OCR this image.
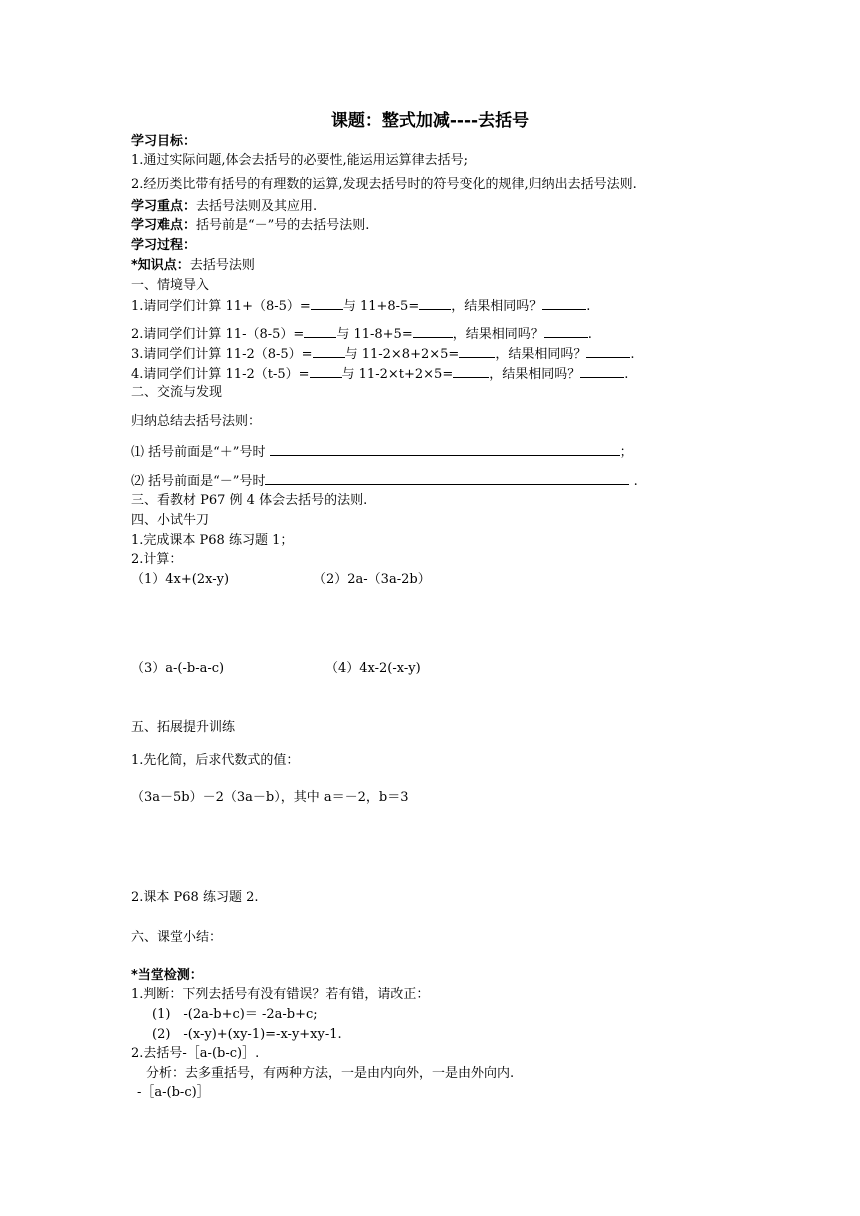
课题：整式加减----去括号
学习目标：
1.通过实际问题,体会去括号的必要性,能运用运算律去括号;
2.经历类比带有括号的有理数的运算,发现去括号时的符号变化的规律,归纳出去括号法则.
学习重点：去括号法则及其应用.
学习难点：括号前是“－”号的去括号法则.
学习过程：
*知识点：去括号法则
一、情境导入
1.请同学们计算 11+（8-5）= 与 11+8-5= ，结果相同吗？	.
2.请同学们计算 11-（8-5）= 与 11-8+5=	，结果相同吗？	.
3.请同学们计算 11-2（8-5）= 与 11-2×8+2×5=	，结果相同吗？	.
4.请同学们计算 11-2（t-5）= 与 11-2×t+2×5=	，结果相同吗？	.
二、交流与发现
归纳总结去括号法则：
⑴ 括号前面是“＋”号时	；
⑵ 括号前面是“－”号时	.
三、看教材 P67 例 4 体会去括号的法则.
四、小试牛刀
1.完成课本 P68 练习题 1；
2.计算：
（1）4x+(2x-y)	（2）2a-（3a-2b）
（3）a-(-b-a-c)	（4）4x-2(-x-y)
五、拓展提升训练
1.先化简，后求代数式的值：
（3a－5b）－2（3a－b），其中 a＝－2，b＝3
2.课本 P68 练习题 2.
六、课堂小结：
*当堂检测：
1.判断：下列去括号有没有错误？若有错，请改正：
(1)　-(2a-b+c)＝ -2a-b+c;
(2)　-(x-y)+(xy-1)=-x-y+xy-1.
2.去括号-［a-(b-c)］.
分析：去多重括号，有两种方法，一是由内向外，一是由外向内.
-［a-(b-c)］
